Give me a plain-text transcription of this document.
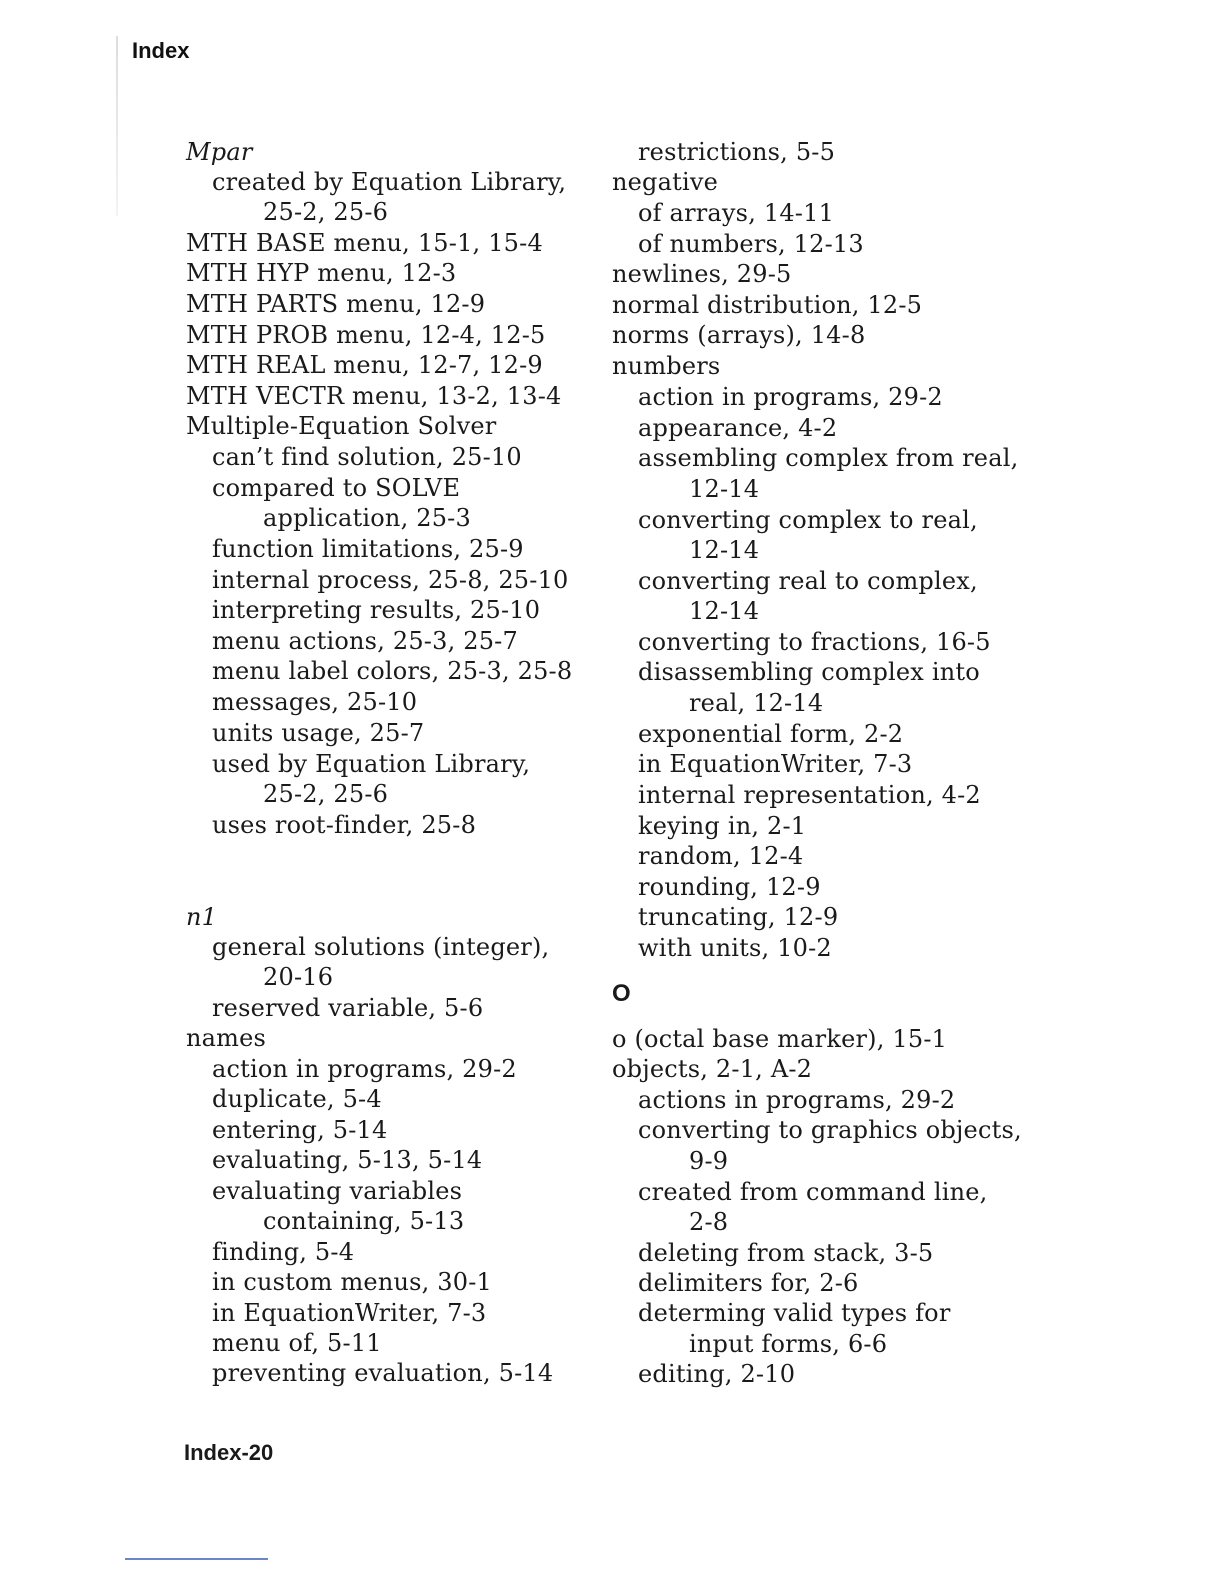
Index
Mpar
created by Equation Library,
25-2, 25-6
MTH BASE menu, 15-1, 15-4
MTH HYP menu, 12-3
MTH PARTS menu, 12-9
MTH PROB menu, 12-4, 12-5
MTH REAL menu, 12-7, 12-9
MTH VECTR menu, 13-2, 13-4
Multiple-Equation Solver
can’t find solution, 25-10
compared to SOLVE
application, 25-3
function limitations, 25-9
internal process, 25-8, 25-10
interpreting results, 25-10
menu actions, 25-3, 25-7
menu label colors, 25-3, 25-8
messages, 25-10
units usage, 25-7
used by Equation Library,
25-2, 25-6
uses root-finder, 25-8
n1
general solutions (integer),
20-16
reserved variable, 5-6
names
action in programs, 29-2
duplicate, 5-4
entering, 5-14
evaluating, 5-13, 5-14
evaluating variables
containing, 5-13
finding, 5-4
in custom menus, 30-1
in EquationWriter, 7-3
menu of, 5-11
preventing evaluation, 5-14
restrictions, 5-5
negative
of arrays, 14-11
of numbers, 12-13
newlines, 29-5
normal distribution, 12-5
norms (arrays), 14-8
numbers
action in programs, 29-2
appearance, 4-2
assembling complex from real,
12-14
converting complex to real,
12-14
converting real to complex,
12-14
converting to fractions, 16-5
disassembling complex into
real, 12-14
exponential form, 2-2
in EquationWriter, 7-3
internal representation, 4-2
keying in, 2-1
random, 12-4
rounding, 12-9
truncating, 12-9
with units, 10-2
O
o (octal base marker), 15-1
objects, 2-1, A-2
actions in programs, 29-2
converting to graphics objects,
9-9
created from command line,
2-8
deleting from stack, 3-5
delimiters for, 2-6
determing valid types for
input forms, 6-6
editing, 2-10
Index-20
